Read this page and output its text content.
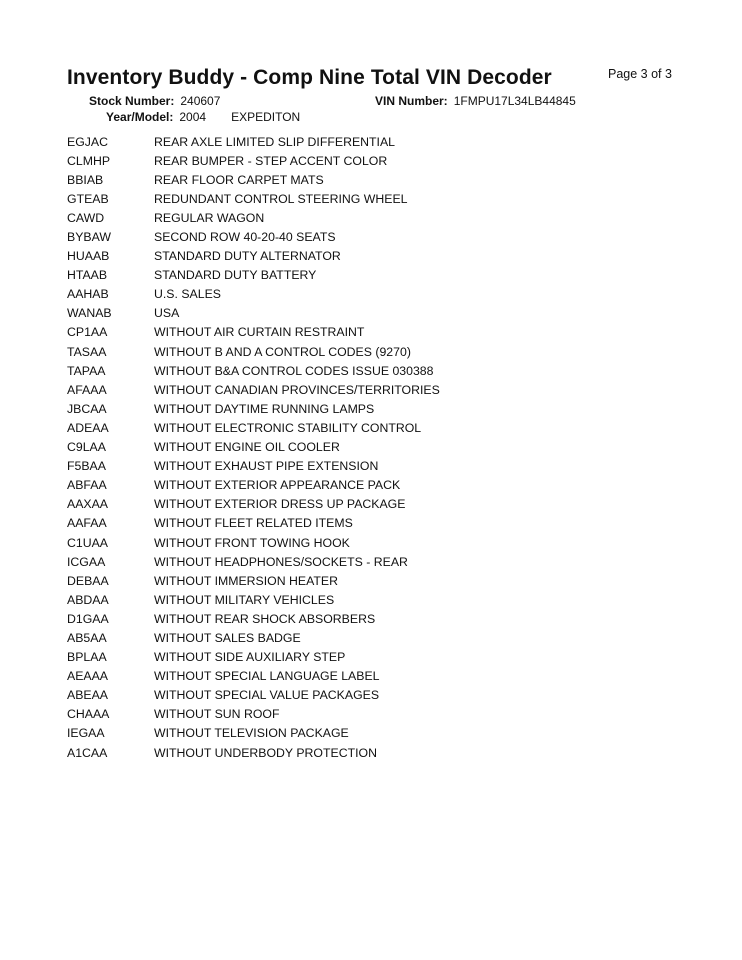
Inventory Buddy - Comp Nine Total VIN Decoder	Page 3 of 3
Stock Number: 240607	VIN Number: 1FMPU17L34LB44845
Year/Model: 2004 EXPEDITON
EGJAC	REAR AXLE LIMITED SLIP DIFFERENTIAL
CLMHP	REAR BUMPER - STEP ACCENT COLOR
BBIAB	REAR FLOOR CARPET MATS
GTEAB	REDUNDANT CONTROL STEERING WHEEL
CAWD	REGULAR WAGON
BYBAW	SECOND ROW 40-20-40 SEATS
HUAAB	STANDARD DUTY ALTERNATOR
HTAAB	STANDARD DUTY BATTERY
AAHAB	U.S. SALES
WANAB	USA
CP1AA	WITHOUT AIR CURTAIN RESTRAINT
TASAA	WITHOUT B AND A CONTROL CODES (9270)
TAPAA	WITHOUT B&A CONTROL CODES ISSUE 030388
AFAAA	WITHOUT CANADIAN PROVINCES/TERRITORIES
JBCAA	WITHOUT DAYTIME RUNNING LAMPS
ADEAA	WITHOUT ELECTRONIC STABILITY CONTROL
C9LAA	WITHOUT ENGINE OIL COOLER
F5BAA	WITHOUT EXHAUST PIPE EXTENSION
ABFAA	WITHOUT EXTERIOR APPEARANCE PACK
AAXAA	WITHOUT EXTERIOR DRESS UP PACKAGE
AAFAA	WITHOUT FLEET RELATED ITEMS
C1UAA	WITHOUT FRONT TOWING HOOK
ICGAA	WITHOUT HEADPHONES/SOCKETS - REAR
DEBAA	WITHOUT IMMERSION HEATER
ABDAA	WITHOUT MILITARY VEHICLES
D1GAA	WITHOUT REAR SHOCK ABSORBERS
AB5AA	WITHOUT SALES BADGE
BPLAA	WITHOUT SIDE AUXILIARY STEP
AEAAA	WITHOUT SPECIAL LANGUAGE LABEL
ABEAA	WITHOUT SPECIAL VALUE PACKAGES
CHAAA	WITHOUT SUN ROOF
IEGAA	WITHOUT TELEVISION PACKAGE
A1CAA	WITHOUT UNDERBODY PROTECTION
